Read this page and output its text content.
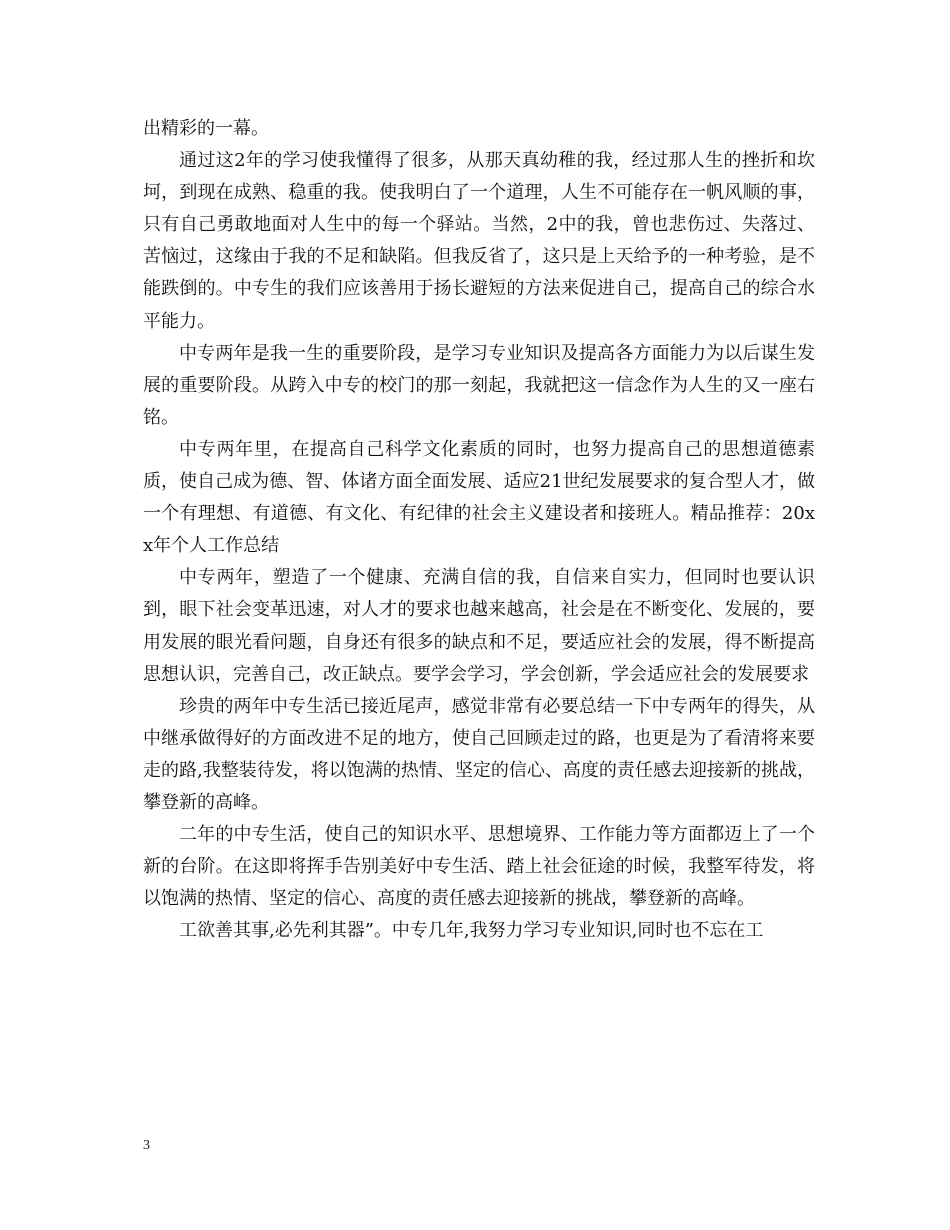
出精彩的一幕。

通过这2年的学习使我懂得了很多，从那天真幼稚的我，经过那人生的挫折和坎坷，到现在成熟、稳重的我。使我明白了一个道理，人生不可能存在一帆风顺的事，只有自己勇敢地面对人生中的每一个驿站。当然，2中的我，曾也悲伤过、失落过、苦恼过，这缘由于我的不足和缺陷。但我反省了，这只是上天给予的一种考验，是不能跌倒的。中专生的我们应该善用于扬长避短的方法来促进自己，提高自己的综合水平能力。

中专两年是我一生的重要阶段，是学习专业知识及提高各方面能力为以后谋生发展的重要阶段。从跨入中专的校门的那一刻起，我就把这一信念作为人生的又一座右铭。

中专两年里，在提高自己科学文化素质的同时，也努力提高自己的思想道德素质，使自己成为德、智、体诸方面全面发展、适应21世纪发展要求的复合型人才，做一个有理想、有道德、有文化、有纪律的社会主义建设者和接班人。精品推荐：20xx年个人工作总结

中专两年，塑造了一个健康、充满自信的我，自信来自实力，但同时也要认识到，眼下社会变革迅速，对人才的要求也越来越高，社会是在不断变化、发展的，要用发展的眼光看问题，自身还有很多的缺点和不足，要适应社会的发展，得不断提高思想认识，完善自己，改正缺点。要学会学习，学会创新，学会适应社会的发展要求

珍贵的两年中专生活已接近尾声，感觉非常有必要总结一下中专两年的得失，从中继承做得好的方面改进不足的地方，使自己回顾走过的路，也更是为了看清将来要走的路,我整装待发，将以饱满的热情、坚定的信心、高度的责任感去迎接新的挑战，攀登新的高峰。

二年的中专生活，使自己的知识水平、思想境界、工作能力等方面都迈上了一个新的台阶。在这即将挥手告别美好中专生活、踏上社会征途的时候，我整军待发，将以饱满的热情、坚定的信心、高度的责任感去迎接新的挑战，攀登新的高峰。

工欲善其事,必先利其器”。中专几年,我努力学习专业知识,同时也不忘在工

3
